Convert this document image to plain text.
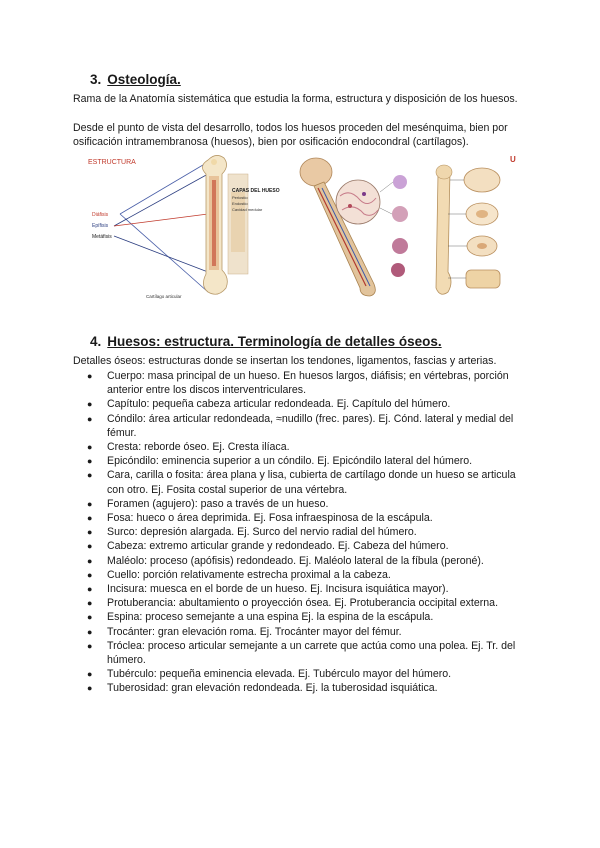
3. Osteología.
Rama de la Anatomía sistemática que estudia la forma, estructura y disposición de los huesos.
Desde el punto de vista del desarrollo, todos los huesos proceden del mesénquima, bien por osificación intramembranosa (huesos), bien por osificación endocondral (cartílagos).
ESTRUCTURA
Diáfisis
Epífisis
Metáfisis
CAPAS DEL HUESO
Periostio
Endostio
Cavidad medular
Cartílago articular
U
4. Huesos: estructura. Terminología de detalles óseos.
Detalles óseos: estructuras donde se insertan los tendones, ligamentos, fascias y arterias.
● Cuerpo: masa principal de un hueso. En huesos largos, diáfisis; en vértebras, porción anterior entre los discos interventriculares.
● Capítulo: pequeña cabeza articular redondeada. Ej. Capítulo del húmero.
● Cóndilo: área articular redondeada, ≈nudillo (frec. pares). Ej. Cónd. lateral y medial del fémur.
● Cresta: reborde óseo. Ej. Cresta ilíaca.
● Epicóndilo: eminencia superior a un cóndilo. Ej. Epicóndilo lateral del húmero.
● Cara, carilla o fosita: área plana y lisa, cubierta de cartílago donde un hueso se articula con otro. Ej. Fosita costal superior de una vértebra.
● Foramen (agujero): paso a través de un hueso.
● Fosa: hueco o área deprimida. Ej. Fosa infraespinosa de la escápula.
● Surco: depresión alargada. Ej. Surco del nervio radial del húmero.
● Cabeza: extremo articular grande y redondeado. Ej. Cabeza del húmero.
● Maléolo: proceso (apófisis) redondeado. Ej. Maléolo lateral de la fíbula (peroné).
● Cuello: porción relativamente estrecha proximal a la cabeza.
● Incisura: muesca en el borde de un hueso. Ej. Incisura isquiática mayor).
● Protuberancia: abultamiento o proyección ósea. Ej. Protuberancia occipital externa.
● Espina: proceso semejante a una espina Ej. la espina de la escápula.
● Trocánter: gran elevación roma. Ej. Trocánter mayor del fémur.
● Tróclea: proceso articular semejante a un carrete que actúa como una polea. Ej. Tr. del húmero.
● Tubérculo: pequeña eminencia elevada. Ej. Tubérculo mayor del húmero.
● Tuberosidad: gran elevación redondeada. Ej. la tuberosidad isquiática.
